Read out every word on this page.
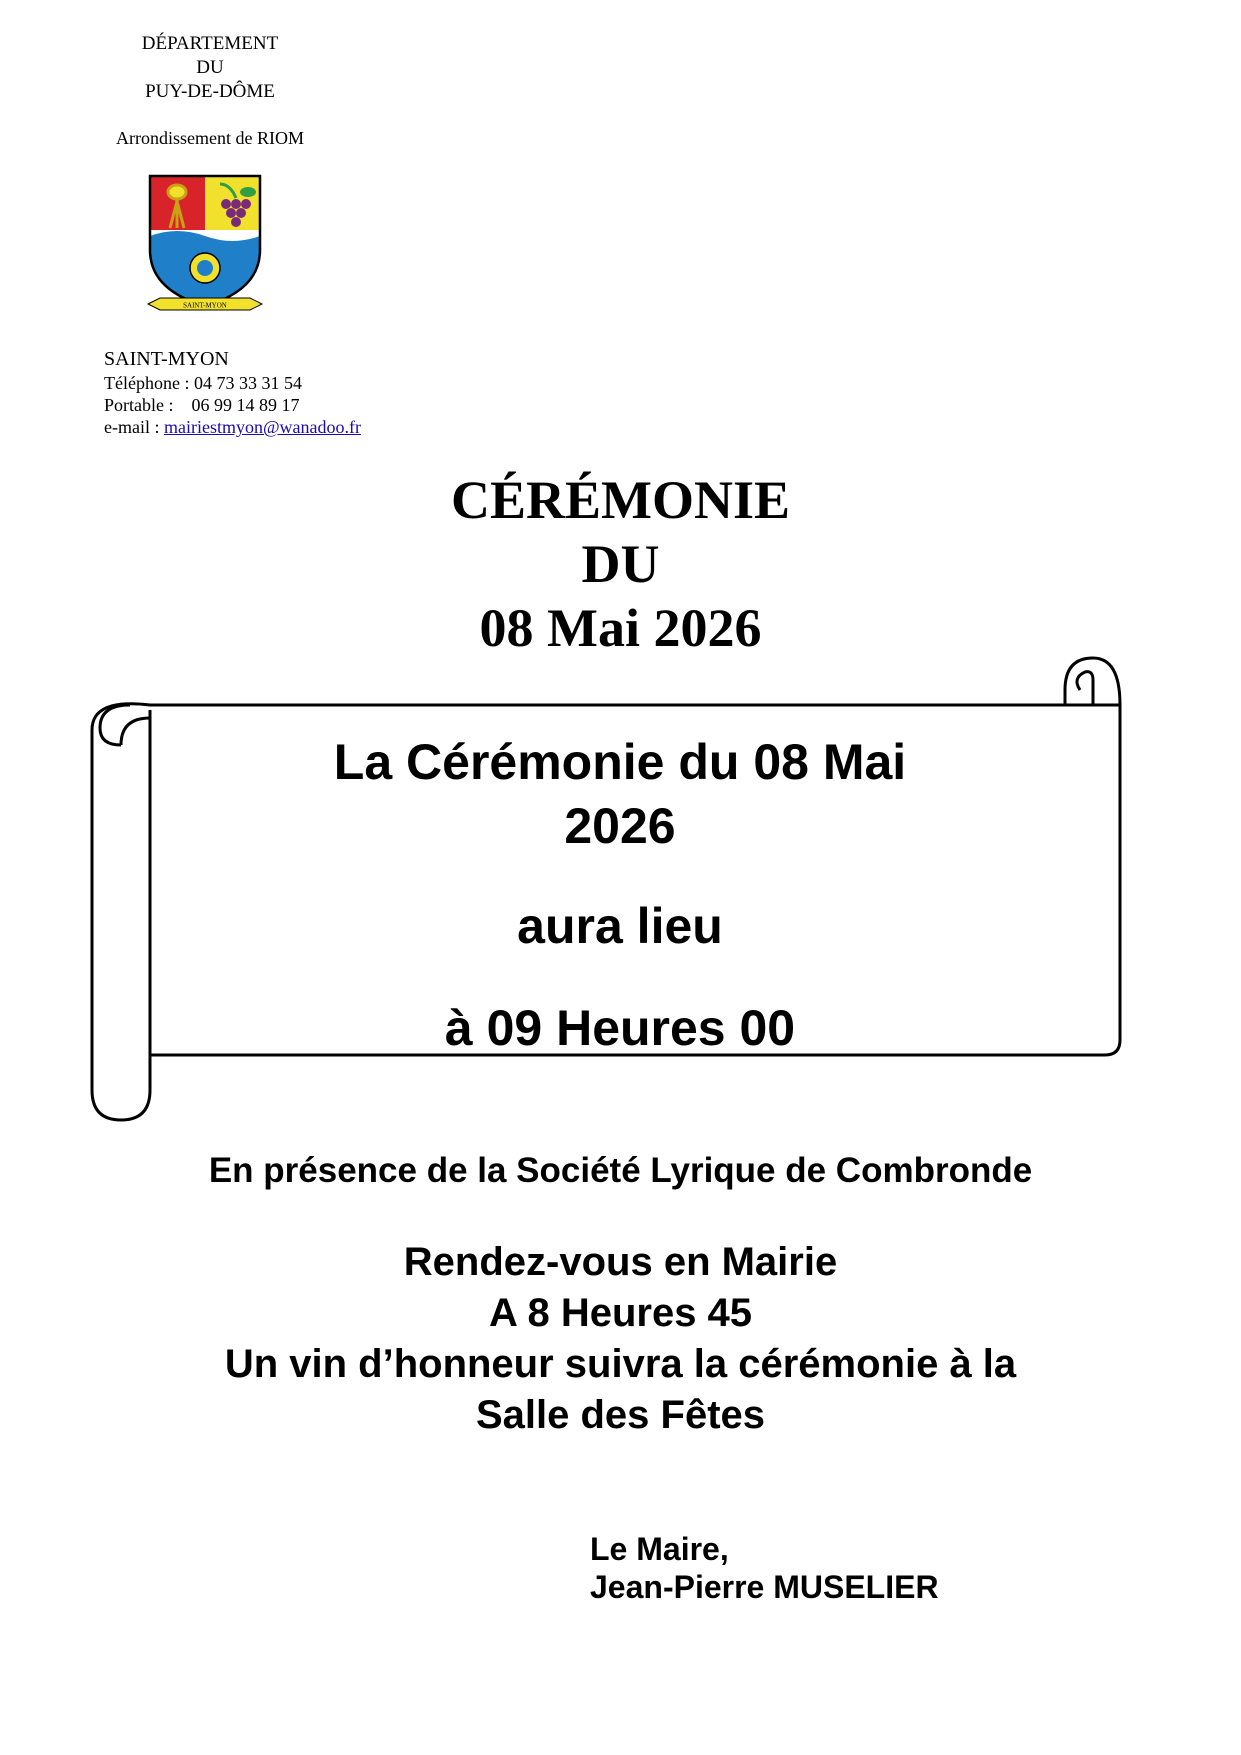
DÉPARTEMENT
DU
PUY-DE-DÔME
Arrondissement de RIOM
SAINT-MYON
SAINT-MYON
Téléphone : 04 73 33 31 54
Portable : 06 99 14 89 17
e-mail : mairiestmyon@wanadoo.fr
CÉRÉMONIE
DU
08 Mai 2026
La Cérémonie du 08 Mai
2026
aura lieu
à 09 Heures 00
En présence de la Société Lyrique de Combronde
Rendez-vous en Mairie
A 8 Heures 45
Un vin d’honneur suivra la cérémonie à la
Salle des Fêtes
Le Maire,
Jean-Pierre MUSELIER
